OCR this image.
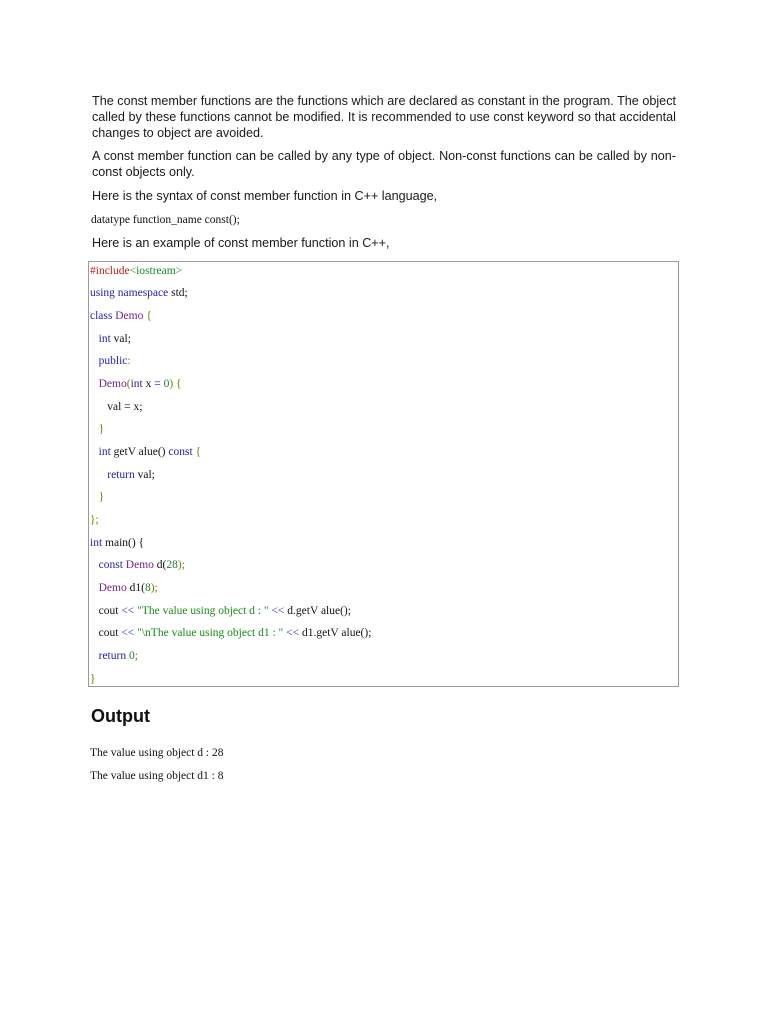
The const member functions are the functions which are declared as constant in the program. The object called by these functions cannot be modified. It is recommended to use const keyword so that accidental changes to object are avoided.

A const member function can be called by any type of object. Non-const functions can be called by non-const objects only.

Here is the syntax of const member function in C++ language,

datatype function_name const();

Here is an example of const member function in C++,

#include<iostream>
using namespace std;
class Demo {
int val;
public:
Demo(int x = 0) {
val = x;
}
int getV alue() const {
return val;
}
};
int main() {
const Demo d(28);
Demo d1(8);
cout << "The value using object d : " << d.getV alue();
cout << "\nThe value using object d1 : " << d1.getV alue();
return 0;
}
Output

The value using object d : 28

The value using object d1 : 8
